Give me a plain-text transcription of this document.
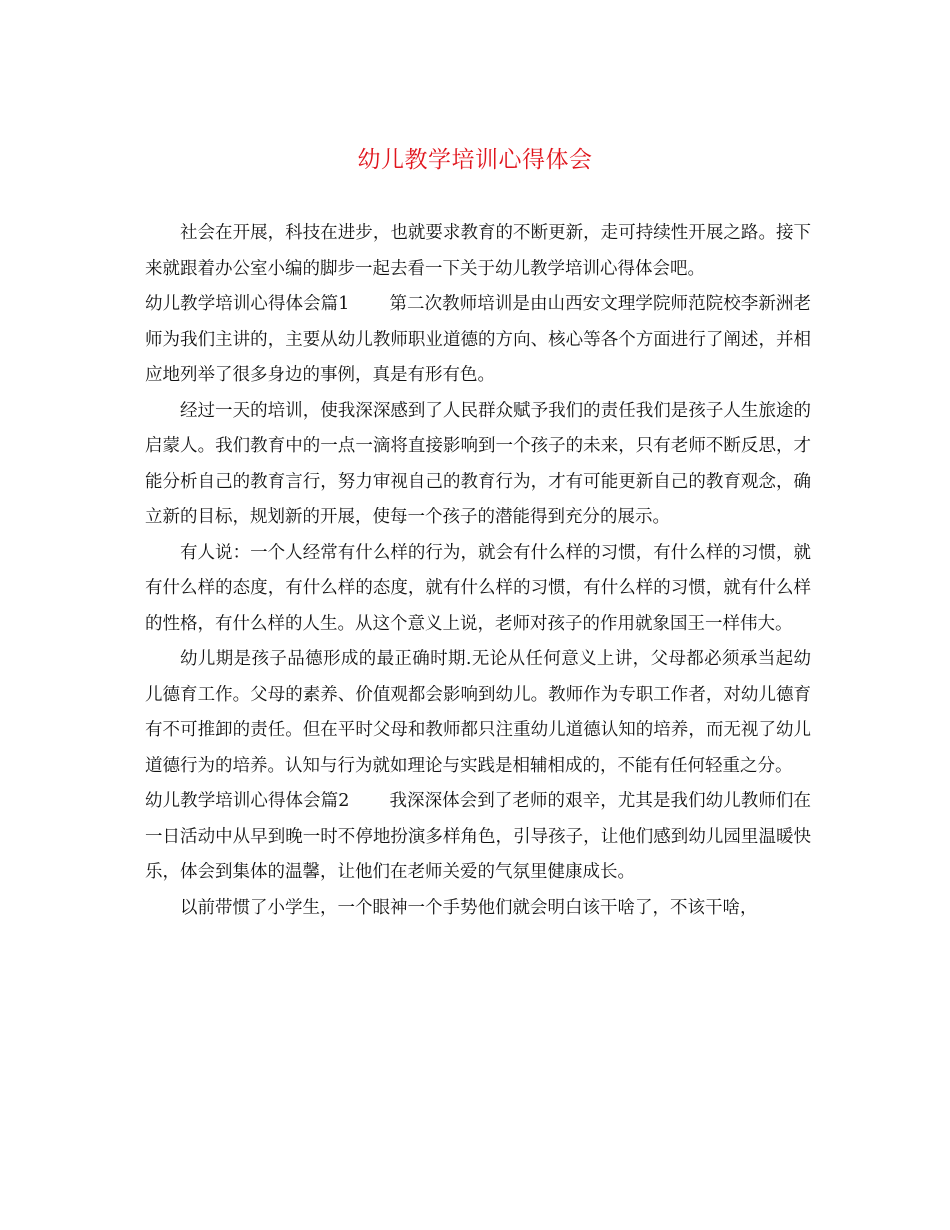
幼儿教学培训心得体会

社会在开展，科技在进步，也就要求教育的不断更新，走可持续性开展之路。接下来就跟着办公室小编的脚步一起去看一下关于幼儿教学培训心得体会吧。

幼儿教学培训心得体会篇1 第二次教师培训是由山西安文理学院师范院校李新洲老师为我们主讲的，主要从幼儿教师职业道德的方向、核心等各个方面进行了阐述，并相应地列举了很多身边的事例，真是有形有色。

经过一天的培训，使我深深感到了人民群众赋予我们的责任我们是孩子人生旅途的启蒙人。我们教育中的一点一滴将直接影响到一个孩子的未来，只有老师不断反思，才能分析自己的教育言行，努力审视自己的教育行为，才有可能更新自己的教育观念，确立新的目标，规划新的开展，使每一个孩子的潜能得到充分的展示。

有人说：一个人经常有什么样的行为，就会有什么样的习惯，有什么样的习惯，就有什么样的态度，有什么样的态度，就有什么样的习惯，有什么样的习惯，就有什么样的性格，有什么样的人生。从这个意义上说，老师对孩子的作用就象国王一样伟大。

幼儿期是孩子品德形成的最正确时期.无论从任何意义上讲，父母都必须承当起幼儿德育工作。父母的素养、价值观都会影响到幼儿。教师作为专职工作者，对幼儿德育有不可推卸的责任。但在平时父母和教师都只注重幼儿道德认知的培养，而无视了幼儿道德行为的培养。认知与行为就如理论与实践是相辅相成的，不能有任何轻重之分。

幼儿教学培训心得体会篇2 我深深体会到了老师的艰辛，尤其是我们幼儿教师们在一日活动中从早到晚一时不停地扮演多样角色，引导孩子，让他们感到幼儿园里温暖快乐，体会到集体的温馨，让他们在老师关爱的气氛里健康成长。

以前带惯了小学生，一个眼神一个手势他们就会明白该干啥了，不该干啥，
